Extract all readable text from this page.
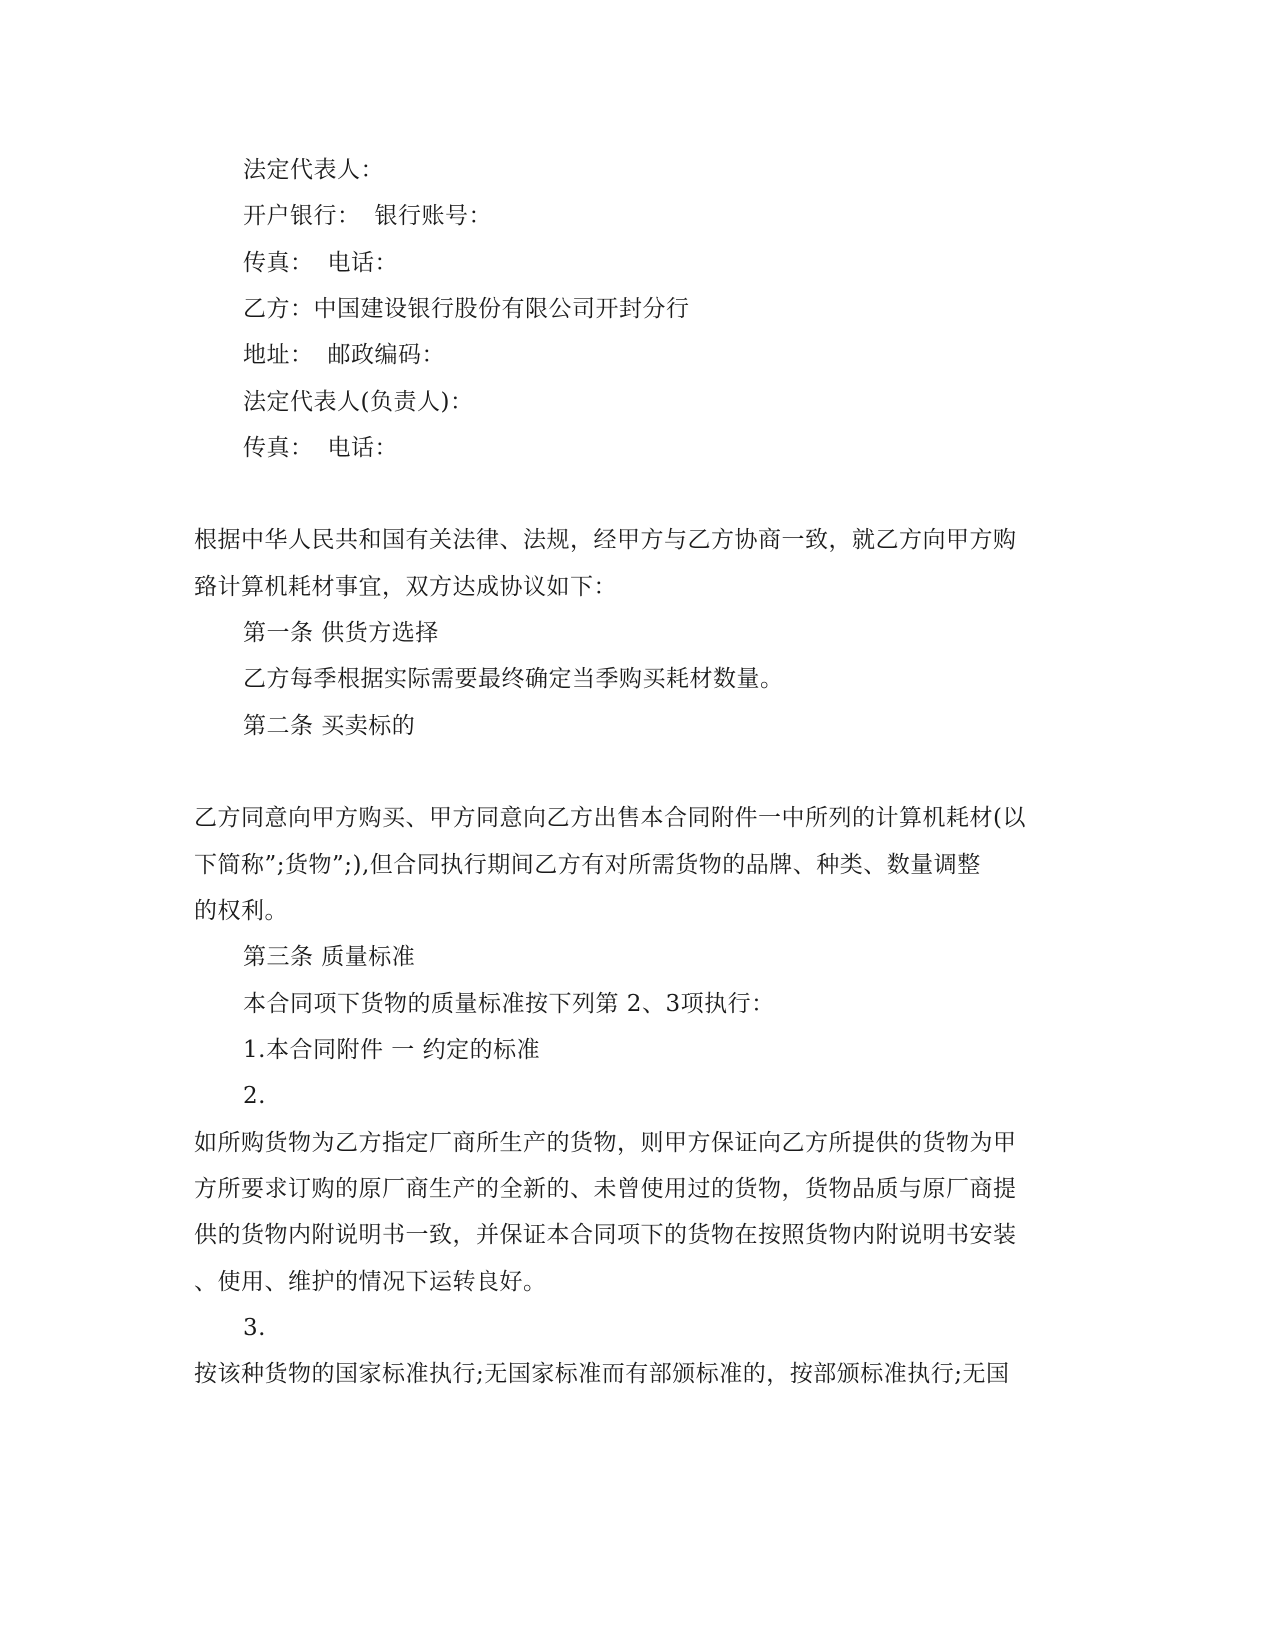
法定代表人：
开户银行： 银行账号：
传真： 电话：
乙方：中国建设银行股份有限公司开封分行
地址： 邮政编码：
法定代表人(负责人)：
传真： 电话：
根据中华人民共和国有关法律、法规，经甲方与乙方协商一致，就乙方向甲方购
臵计算机耗材事宜，双方达成协议如下：
第一条 供货方选择
乙方每季根据实际需要最终确定当季购买耗材数量。
第二条 买卖标的
乙方同意向甲方购买、甲方同意向乙方出售本合同附件一中所列的计算机耗材(以
下简称”;货物”;),但合同执行期间乙方有对所需货物的品牌、种类、数量调整
的权利。
第三条 质量标准
本合同项下货物的质量标准按下列第 2、3项执行：
1.本合同附件 一 约定的标准
2.
如所购货物为乙方指定厂商所生产的货物，则甲方保证向乙方所提供的货物为甲
方所要求订购的原厂商生产的全新的、未曾使用过的货物，货物品质与原厂商提
供的货物内附说明书一致，并保证本合同项下的货物在按照货物内附说明书安装
、使用、维护的情况下运转良好。
3.
按该种货物的国家标准执行;无国家标准而有部颁标准的，按部颁标准执行;无国
